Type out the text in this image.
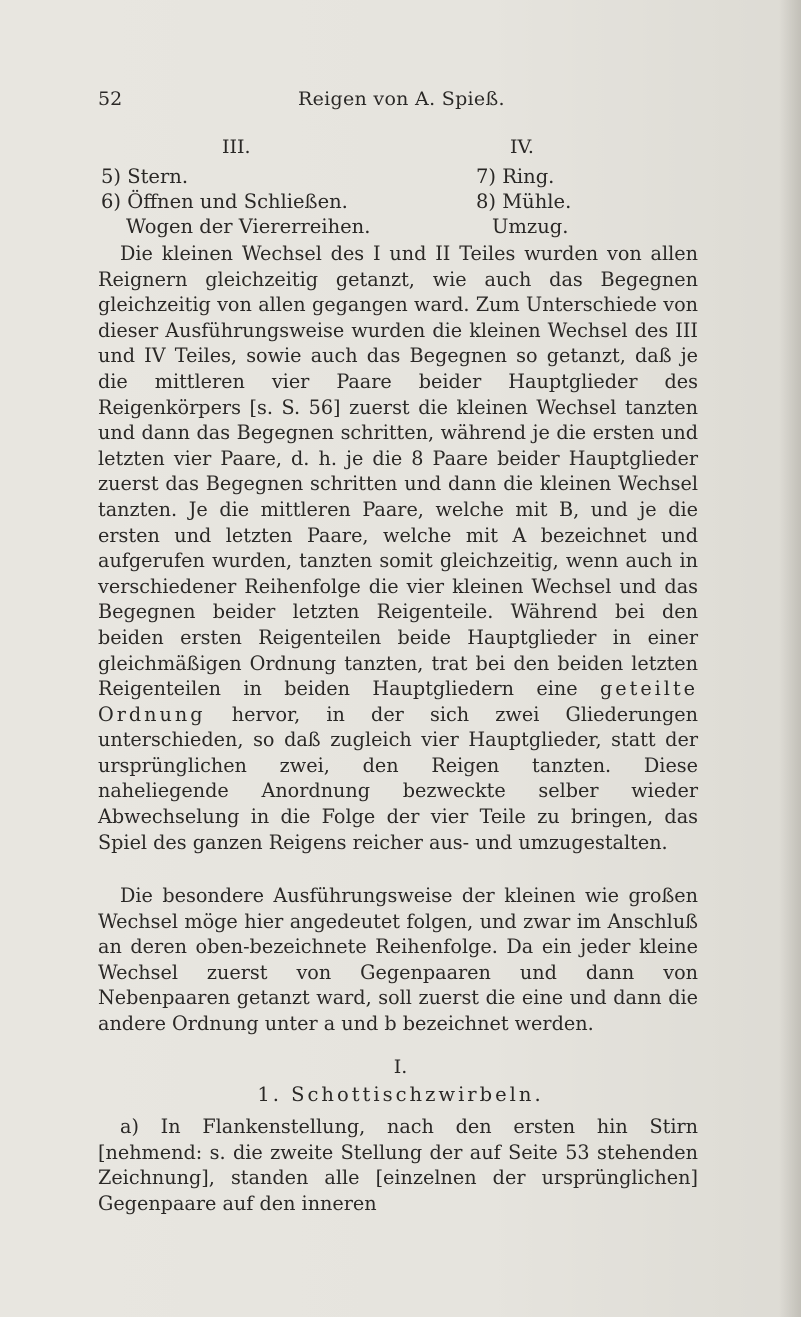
52	Reigen von A. Spieß.
III.	IV.
5) Stern.
6) Öffnen und Schließen.
Wogen der Viererreihen.
7) Ring.
8) Mühle.
Umzug.
Die kleinen Wechsel des I und II Teiles wurden von allen Reignern gleichzeitig getanzt, wie auch das Begegnen gleichzeitig von allen gegangen ward. Zum Unterschiede von dieser Ausführungsweise wurden die kleinen Wechsel des III und IV Teiles, sowie auch das Begegnen so getanzt, daß je die mittleren vier Paare beider Hauptglieder des Reigenkörpers [s. S. 56] zuerst die kleinen Wechsel tanzten und dann das Begegnen schritten, während je die ersten und letzten vier Paare, d. h. je die 8 Paare beider Hauptglieder zuerst das Begegnen schritten und dann die kleinen Wechsel tanzten. Je die mittleren Paare, welche mit B, und je die ersten und letzten Paare, welche mit A bezeichnet und aufgerufen wurden, tanzten somit gleichzeitig, wenn auch in verschiedener Reihenfolge die vier kleinen Wechsel und das Begegnen beider letzten Reigenteile. Während bei den beiden ersten Reigenteilen beide Hauptglieder in einer gleichmäßigen Ordnung tanzten, trat bei den beiden letzten Reigenteilen in beiden Hauptgliedern eine geteilte Ordnung hervor, in der sich zwei Gliederungen unterschieden, so daß zugleich vier Hauptglieder, statt der ursprünglichen zwei, den Reigen tanzten. Diese naheliegende Anordnung bezweckte selber wieder Abwechselung in die Folge der vier Teile zu bringen, das Spiel des ganzen Reigens reicher aus- und umzugestalten.
Die besondere Ausführungsweise der kleinen wie großen Wechsel möge hier angedeutet folgen, und zwar im Anschluß an deren oben-bezeichnete Reihenfolge. Da ein jeder kleine Wechsel zuerst von Gegenpaaren und dann von Nebenpaaren getanzt ward, soll zuerst die eine und dann die andere Ordnung unter a und b bezeichnet werden.
I.
1. Schottischzwirbeln.
a) In Flankenstellung, nach den ersten hin Stirn [nehmend: s. die zweite Stellung der auf Seite 53 stehenden Zeichnung], standen alle [einzelnen der ursprünglichen] Gegenpaare auf den inneren
